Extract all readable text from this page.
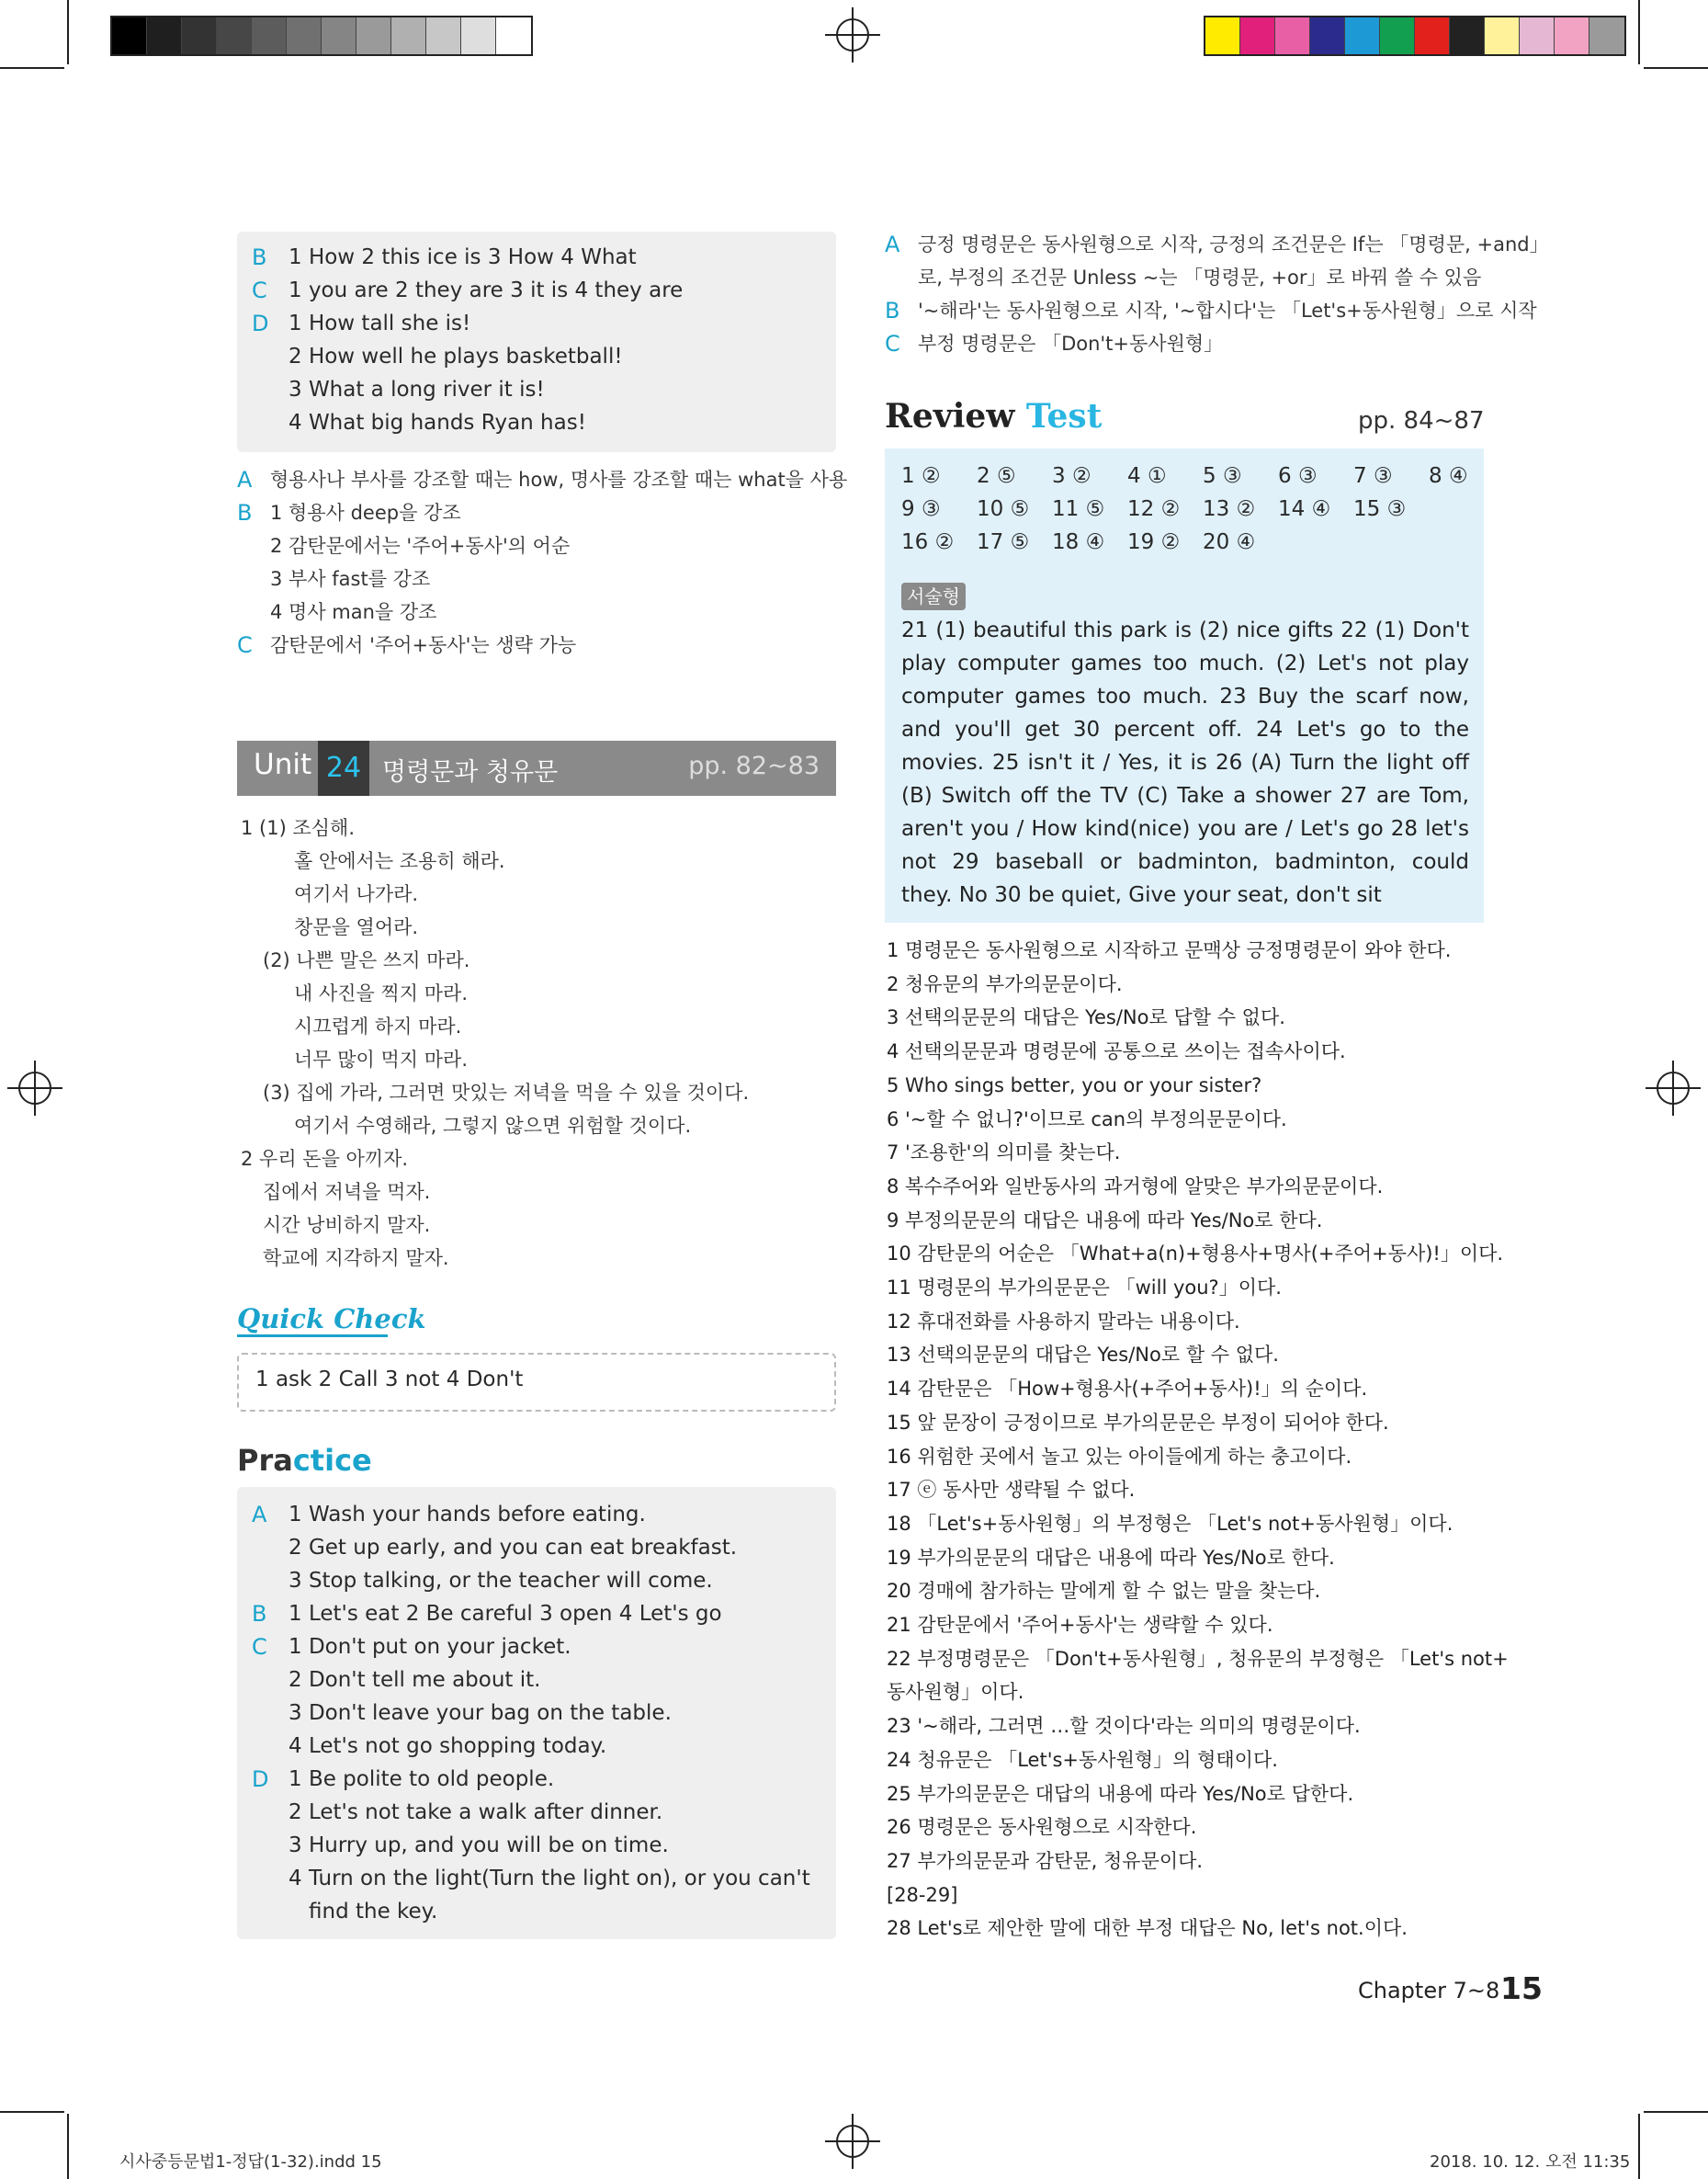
B 1 How 2 this ice is 3 How 4 What
C 1 you are 2 they are 3 it is 4 they are
D 1 How tall she is!
2 How well he plays basketball!
3 What a long river it is!
4 What big hands Ryan has!
A 형용사나 부사를 강조할 때는 how, 명사를 강조할 때는 what을 사용
B 1 형용사 deep을 강조
2 감탄문에서는 '주어+동사'의 어순
3 부사 fast를 강조
4 명사 man을 강조
C 감탄문에서 '주어+동사'는 생략 가능
Unit 24 명령문과 청유문	pp. 82~83
1 (1) 조심해.
홀 안에서는 조용히 해라.
여기서 나가라.
창문을 열어라.
(2) 나쁜 말은 쓰지 마라.
내 사진을 찍지 마라.
시끄럽게 하지 마라.
너무 많이 먹지 마라.
(3) 집에 가라, 그러면 맛있는 저녁을 먹을 수 있을 것이다.
여기서 수영해라, 그렇지 않으면 위험할 것이다.
2 우리 돈을 아끼자.
집에서 저녁을 먹자.
시간 낭비하지 말자.
학교에 지각하지 말자.
Quick Check
1 ask 2 Call 3 not 4 Don't
Practice
A 1 Wash your hands before eating.
2 Get up early, and you can eat breakfast.
3 Stop talking, or the teacher will come.
B 1 Let's eat 2 Be careful 3 open 4 Let's go
C 1 Don't put on your jacket.
2 Don't tell me about it.
3 Don't leave your bag on the table.
4 Let's not go shopping today.
D 1 Be polite to old people.
2 Let's not take a walk after dinner.
3 Hurry up, and you will be on time.
4 Turn on the light(Turn the light on), or you can't
find the key.
A 긍정 명령문은 동사원형으로 시작, 긍정의 조건문은 If는 「명령문, +and」
로, 부정의 조건문 Unless ~는 「명령문, +or」로 바꿔 쓸 수 있음
B '~해라'는 동사원형으로 시작, '~합시다'는 「Let's+동사원형」으로 시작
C 부정 명령문은 「Don't+동사원형」
Review Test	pp. 84~87
1 ② 2 ⑤ 3 ② 4 ① 5 ③ 6 ③ 7 ③ 8 ④
9 ③ 10 ⑤ 11 ⑤ 12 ② 13 ② 14 ④ 15 ③
16 ② 17 ⑤ 18 ④ 19 ② 20 ④
서술형
21 (1) beautiful this park is (2) nice gifts 22 (1) Don't play computer games too much. (2) Let's not play computer games too much. 23 Buy the scarf now, and you'll get 30 percent off. 24 Let's go to the movies. 25 isn't it / Yes, it is 26 (A) Turn the light off (B) Switch off the TV (C) Take a shower 27 are Tom, aren't you / How kind(nice) you are / Let's go 28 let's not 29 baseball or badminton, badminton, could they. No 30 be quiet, Give your seat, don't sit
1 명령문은 동사원형으로 시작하고 문맥상 긍정명령문이 와야 한다.
2 청유문의 부가의문문이다.
3 선택의문문의 대답은 Yes/No로 답할 수 없다.
4 선택의문문과 명령문에 공통으로 쓰이는 접속사이다.
5 Who sings better, you or your sister?
6 '~할 수 없니?'이므로 can의 부정의문문이다.
7 '조용한'의 의미를 찾는다.
8 복수주어와 일반동사의 과거형에 알맞은 부가의문문이다.
9 부정의문문의 대답은 내용에 따라 Yes/No로 한다.
10 감탄문의 어순은 「What+a(n)+형용사+명사(+주어+동사)!」이다.
11 명령문의 부가의문문은 「will you?」이다.
12 휴대전화를 사용하지 말라는 내용이다.
13 선택의문문의 대답은 Yes/No로 할 수 없다.
14 감탄문은 「How+형용사(+주어+동사)!」의 순이다.
15 앞 문장이 긍정이므로 부가의문문은 부정이 되어야 한다.
16 위험한 곳에서 놀고 있는 아이들에게 하는 충고이다.
17 ⓔ 동사만 생략될 수 없다.
18 「Let's+동사원형」의 부정형은 「Let's not+동사원형」이다.
19 부가의문문의 대답은 내용에 따라 Yes/No로 한다.
20 경매에 참가하는 말에게 할 수 없는 말을 찾는다.
21 감탄문에서 '주어+동사'는 생략할 수 있다.
22 부정명령문은 「Don't+동사원형」, 청유문의 부정형은 「Let's not+
동사원형」이다.
23 '~해라, 그러면 …할 것이다'라는 의미의 명령문이다.
24 청유문은 「Let's+동사원형」의 형태이다.
25 부가의문문은 대답의 내용에 따라 Yes/No로 답한다.
26 명령문은 동사원형으로 시작한다.
27 부가의문문과 감탄문, 청유문이다.
[28-29]
28 Let's로 제안한 말에 대한 부정 대답은 No, let's not.이다.
Chapter 7~8 15
시사중등문법1-정답(1-32).indd 15	2018. 10. 12. 오전 11:35
